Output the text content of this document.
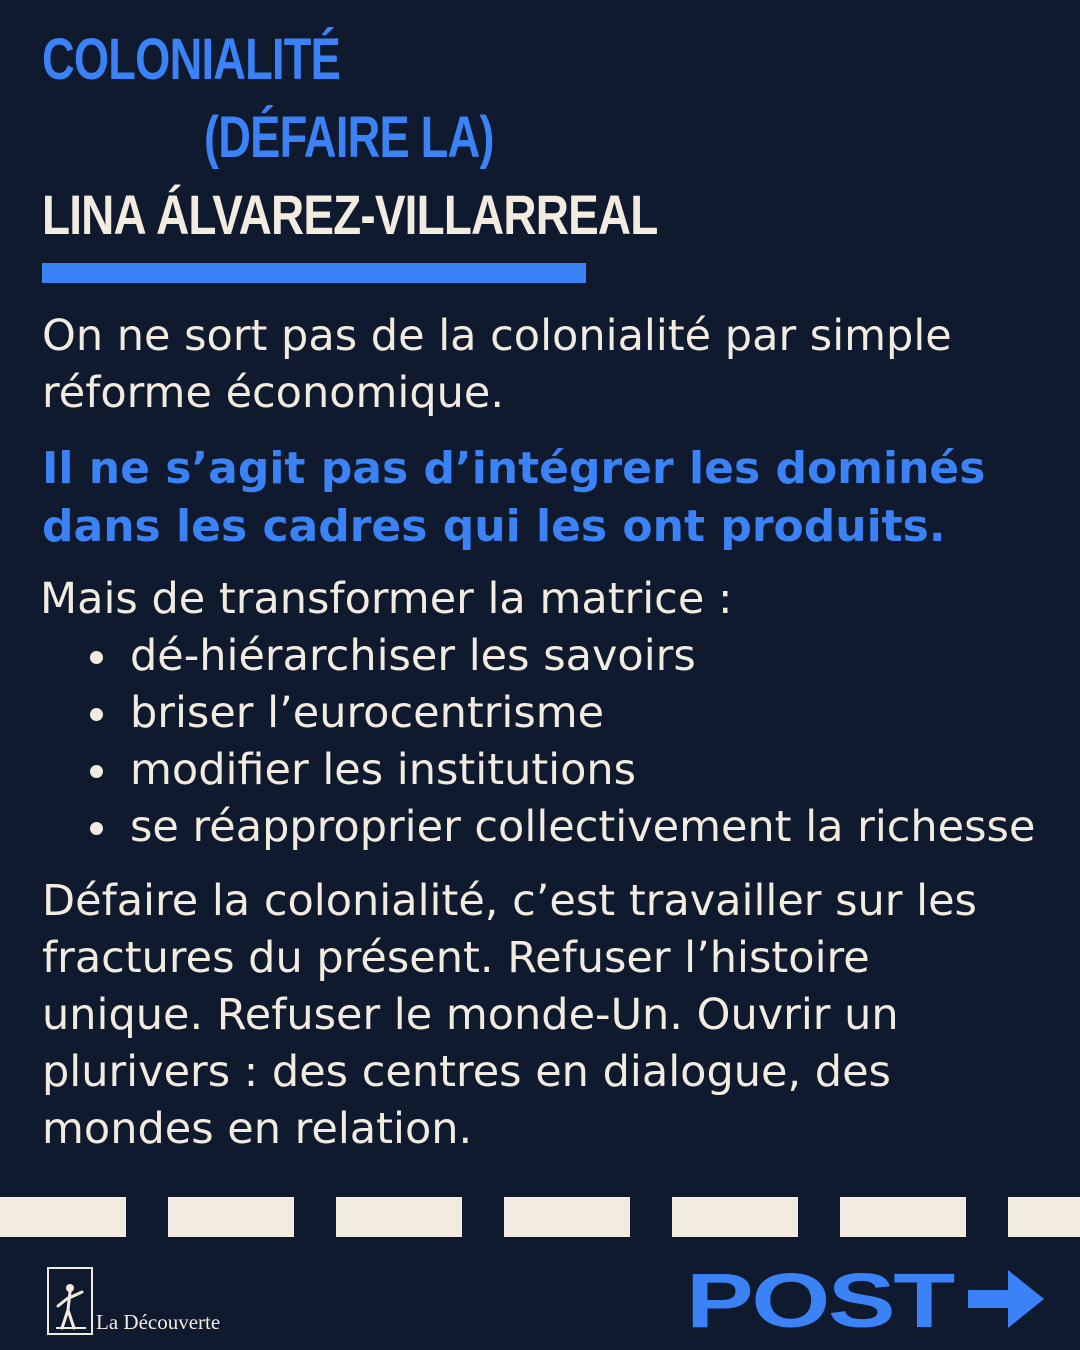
COLONIALITÉ
(DÉFAIRE LA)
LINA ÁLVAREZ-VILLARREAL

On ne sort pas de la colonialité par simple réforme économique.

Il ne s’agit pas d’intégrer les dominés dans les cadres qui les ont produits.

Mais de transformer la matrice :

dé-hiérarchiser les savoirs
briser l’eurocentrisme
modifier les institutions
se réapproprier collectivement la richesse

Défaire la colonialité, c’est travailler sur les fractures du présent. Refuser l’histoire unique. Refuser le monde-Un. Ouvrir un plurivers : des centres en dialogue, des mondes en relation.

La Découverte	POST
